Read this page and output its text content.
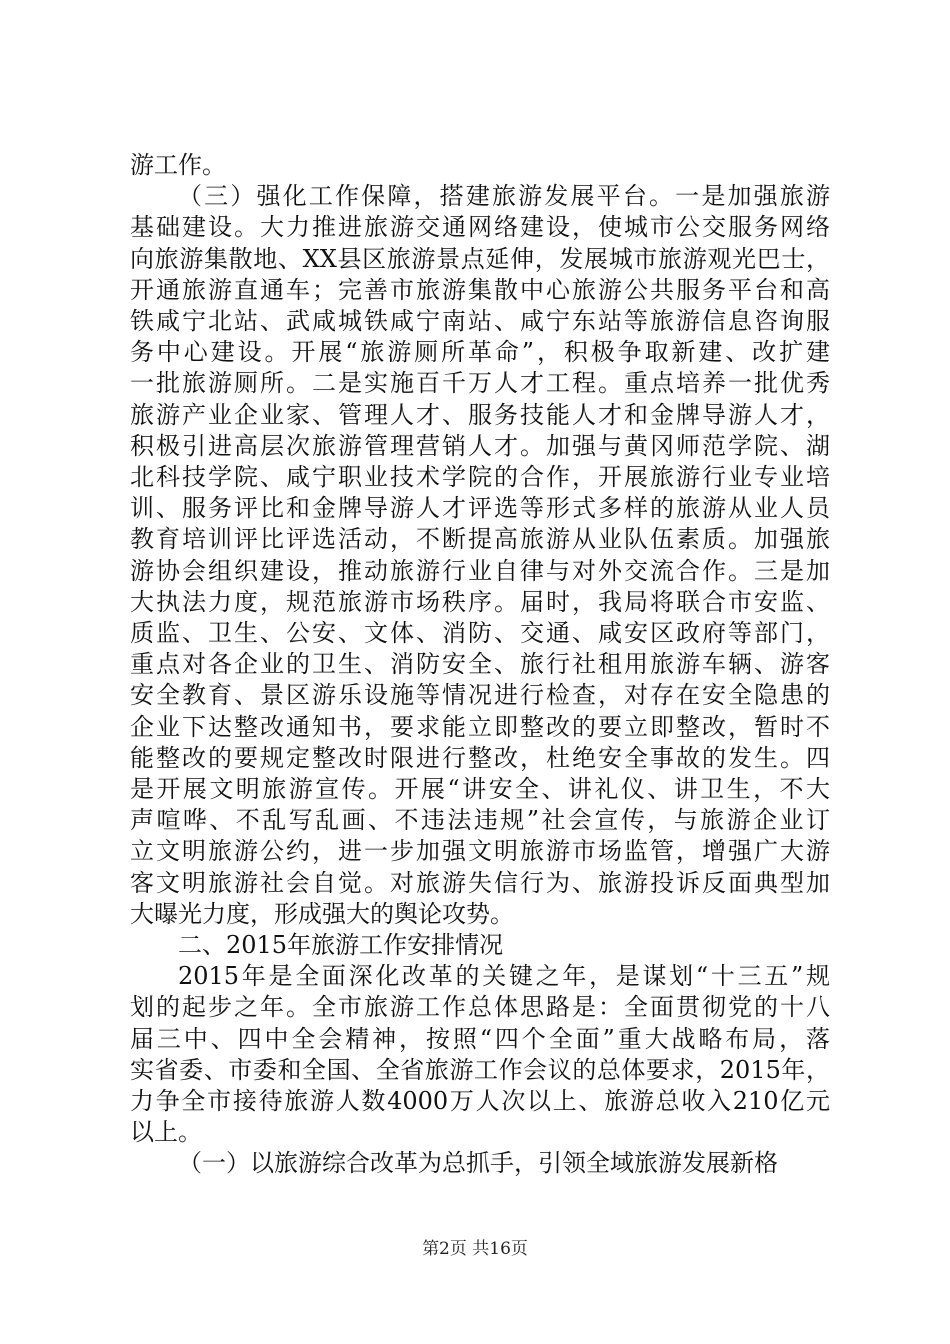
游工作。
（三）强化工作保障，搭建旅游发展平台。一是加强旅游
基础建设。大力推进旅游交通网络建设，使城市公交服务网络
向旅游集散地、XX县区旅游景点延伸，发展城市旅游观光巴士，
开通旅游直通车；完善市旅游集散中心旅游公共服务平台和高
铁咸宁北站、武咸城铁咸宁南站、咸宁东站等旅游信息咨询服
务中心建设。开展“旅游厕所革命”，积极争取新建、改扩建
一批旅游厕所。二是实施百千万人才工程。重点培养一批优秀
旅游产业企业家、管理人才、服务技能人才和金牌导游人才，
积极引进高层次旅游管理营销人才。加强与黄冈师范学院、湖
北科技学院、咸宁职业技术学院的合作，开展旅游行业专业培
训、服务评比和金牌导游人才评选等形式多样的旅游从业人员
教育培训评比评选活动，不断提高旅游从业队伍素质。加强旅
游协会组织建设，推动旅游行业自律与对外交流合作。三是加
大执法力度，规范旅游市场秩序。届时，我局将联合市安监、
质监、卫生、公安、文体、消防、交通、咸安区政府等部门，
重点对各企业的卫生、消防安全、旅行社租用旅游车辆、游客
安全教育、景区游乐设施等情况进行检查，对存在安全隐患的
企业下达整改通知书，要求能立即整改的要立即整改，暂时不
能整改的要规定整改时限进行整改，杜绝安全事故的发生。四
是开展文明旅游宣传。开展“讲安全、讲礼仪、讲卫生，不大
声喧哗、不乱写乱画、不违法违规”社会宣传，与旅游企业订
立文明旅游公约，进一步加强文明旅游市场监管，增强广大游
客文明旅游社会自觉。对旅游失信行为、旅游投诉反面典型加
大曝光力度，形成强大的舆论攻势。
二、2015年旅游工作安排情况
2015年是全面深化改革的关键之年，是谋划“十三五”规
划的起步之年。全市旅游工作总体思路是：全面贯彻党的十八
届三中、四中全会精神，按照“四个全面”重大战略布局，落
实省委、市委和全国、全省旅游工作会议的总体要求，2015年，
力争全市接待旅游人数4000万人次以上、旅游总收入210亿元
以上。
（一）以旅游综合改革为总抓手，引领全域旅游发展新格
第2页 共16页
